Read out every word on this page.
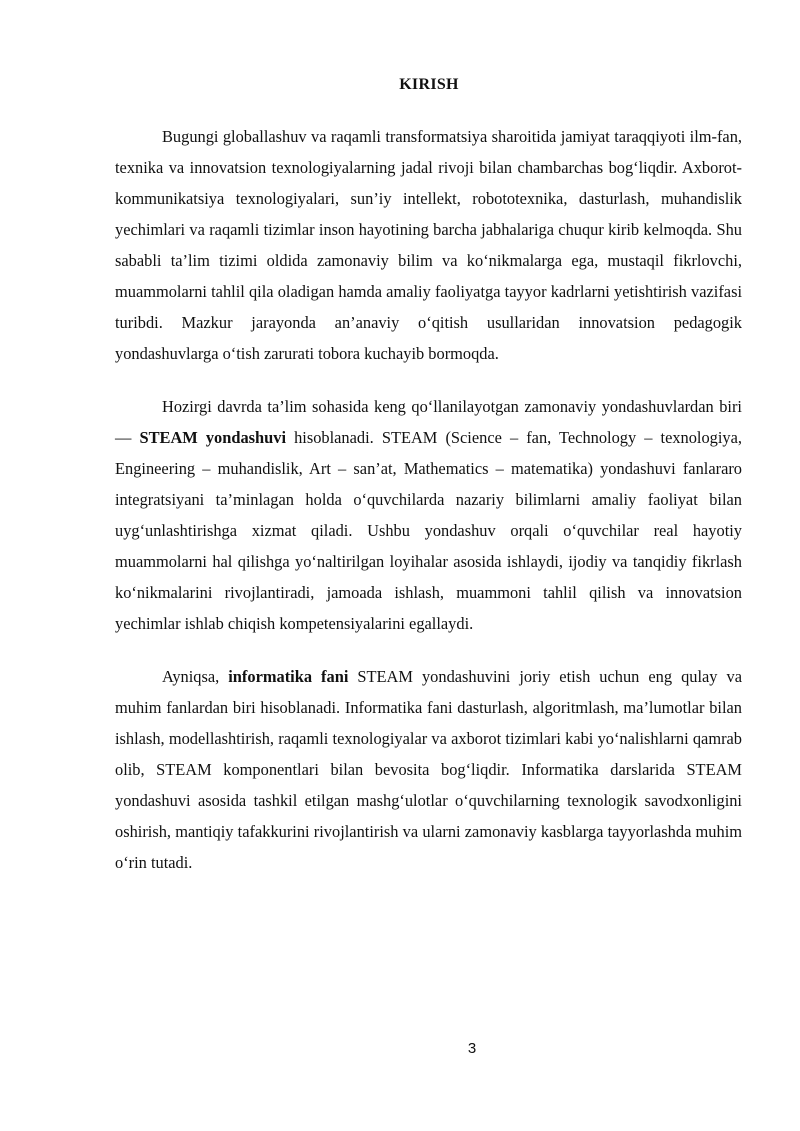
KIRISH

Bugungi globallashuv va raqamli transformatsiya sharoitida jamiyat taraqqiyoti ilm-fan, texnika va innovatsion texnologiyalarning jadal rivoji bilan chambarchas bog‘liqdir. Axborot-kommunikatsiya texnologiyalari, sun’iy intellekt, robototexnika, dasturlash, muhandislik yechimlari va raqamli tizimlar inson hayotining barcha jabhalariga chuqur kirib kelmoqda. Shu sababli ta’lim tizimi oldida zamonaviy bilim va ko‘nikmalarga ega, mustaqil fikrlovchi, muammolarni tahlil qila oladigan hamda amaliy faoliyatga tayyor kadrlarni yetishtirish vazifasi turibdi. Mazkur jarayonda an’anaviy o‘qitish usullaridan innovatsion pedagogik yondashuvlarga o‘tish zarurati tobora kuchayib bormoqda.

Hozirgi davrda ta’lim sohasida keng qo‘llanilayotgan zamonaviy yondashuvlardan biri — STEAM yondashuvi hisoblanadi. STEAM (Science – fan, Technology – texnologiya, Engineering – muhandislik, Art – san’at, Mathematics – matematika) yondashuvi fanlararo integratsiyani ta’minlagan holda o‘quvchilarda nazariy bilimlarni amaliy faoliyat bilan uyg‘unlashtirishga xizmat qiladi. Ushbu yondashuv orqali o‘quvchilar real hayotiy muammolarni hal qilishga yo‘naltirilgan loyihalar asosida ishlaydi, ijodiy va tanqidiy fikrlash ko‘nikmalarini rivojlantiradi, jamoada ishlash, muammoni tahlil qilish va innovatsion yechimlar ishlab chiqish kompetensiyalarini egallaydi.

Ayniqsa, informatika fani STEAM yondashuvini joriy etish uchun eng qulay va muhim fanlardan biri hisoblanadi. Informatika fani dasturlash, algoritmlash, ma’lumotlar bilan ishlash, modellashtirish, raqamli texnologiyalar va axborot tizimlari kabi yo‘nalishlarni qamrab olib, STEAM komponentlari bilan bevosita bog‘liqdir. Informatika darslarida STEAM yondashuvi asosida tashkil etilgan mashg‘ulotlar o‘quvchilarning texnologik savodxonligini oshirish, mantiqiy tafakkurini rivojlantirish va ularni zamonaviy kasblarga tayyorlashda muhim o‘rin tutadi.

3
